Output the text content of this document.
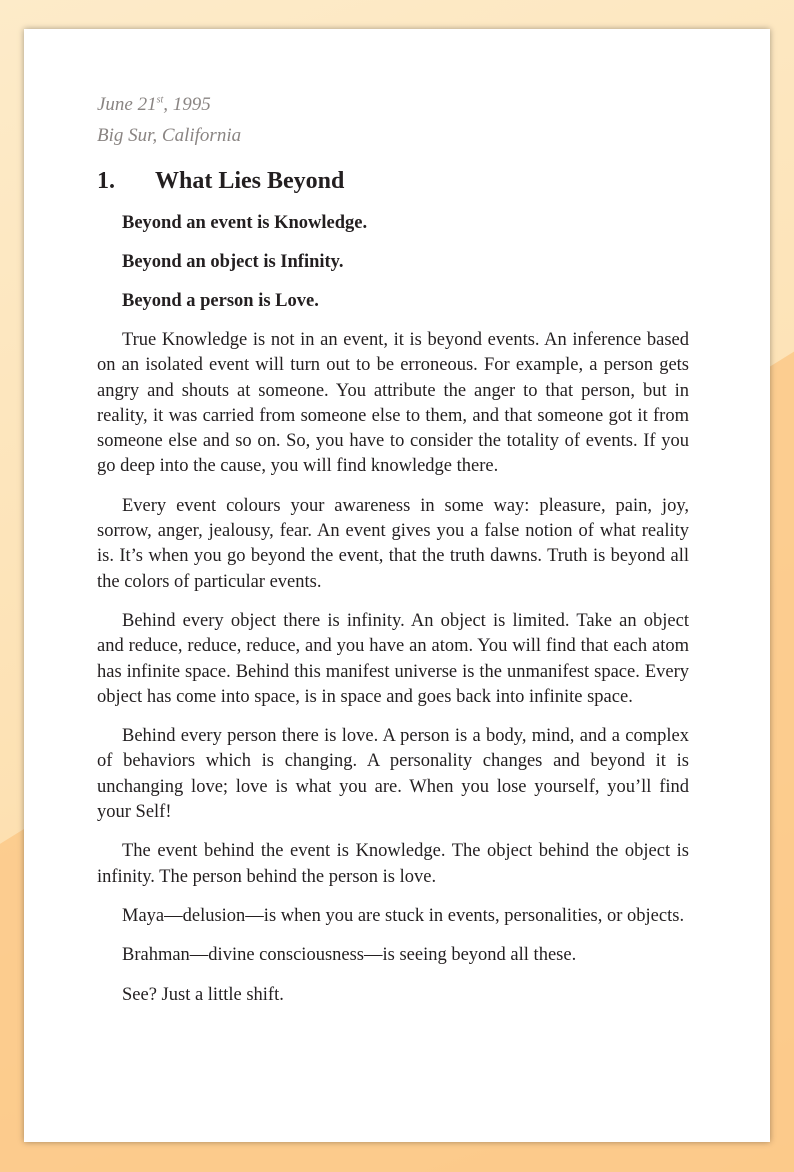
June 21st, 1995
Big Sur, California
1.	What Lies Beyond
Beyond an event is Knowledge.
Beyond an object is Infinity.
Beyond a person is Love.

True Knowledge is not in an event, it is beyond events. An inference based on an isolated event will turn out to be erroneous. For example, a person gets angry and shouts at someone. You attribute the anger to that person, but in reality, it was carried from someone else to them, and that someone got it from someone else and so on. So, you have to consider the totality of events. If you go deep into the cause, you will find knowledge there.

Every event colours your awareness in some way: pleasure, pain, joy, sorrow, anger, jealousy, fear. An event gives you a false notion of what reality is. It’s when you go beyond the event, that the truth dawns. Truth is beyond all the colors of particular events.

Behind every object there is infinity. An object is limited. Take an object and reduce, reduce, reduce, and you have an atom. You will find that each atom has infinite space. Behind this manifest universe is the unmanifest space. Every object has come into space, is in space and goes back into infinite space.

Behind every person there is love. A person is a body, mind, and a complex of behaviors which is changing. A personality changes and beyond it is unchanging love; love is what you are. When you lose yourself, you’ll find your Self!

The event behind the event is Knowledge. The object behind the object is infinity. The person behind the person is love.

Maya—delusion—is when you are stuck in events, personalities, or objects.

Brahman—divine consciousness—is seeing beyond all these.

See? Just a little shift.
